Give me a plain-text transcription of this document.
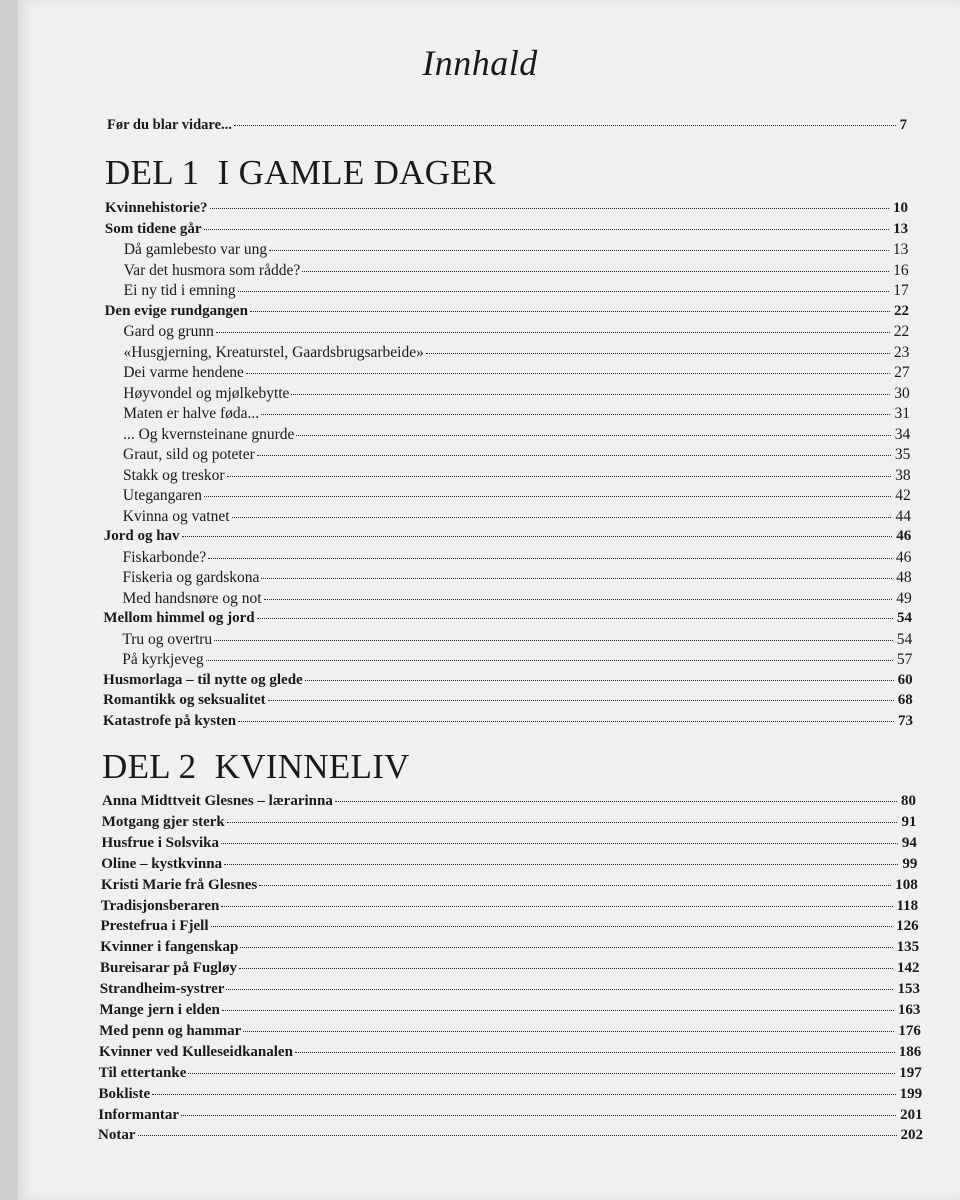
Innhald
Før du blar vidare...	7
DEL 1  I GAMLE DAGER
DEL 2  KVINNELIV
Kvinnehistorie?	10
Som tidene går	13
Då gamlebesto var ung	13
Var det husmora som rådde?	16
Ei ny tid i emning	17
Den evige rundgangen	22
Gard og grunn	22
«Husgjerning, Kreaturstel, Gaardsbrugsarbeide»	23
Dei varme hendene	27
Høyvondel og mjølkebytte	30
Maten er halve føda...	31
... Og kvernsteinane gnurde	34
Graut, sild og poteter	35
Stakk og treskor	38
Utegangaren	42
Kvinna og vatnet	44
Jord og hav	46
Fiskarbonde?	46
Fiskeria og gardskona	48
Med handsnøre og not	49
Mellom himmel og jord	54
Tru og overtru	54
På kyrkjeveg	57
Husmorlaga – til nytte og glede	60
Romantikk og seksualitet	68
Katastrofe på kysten	73
Anna Midttveit Glesnes – lærarinna	80
Motgang gjer sterk	91
Husfrue i Solsvika	94
Oline – kystkvinna	99
Kristi Marie frå Glesnes	108
Tradisjonsberaren	118
Prestefrua i Fjell	126
Kvinner i fangenskap	135
Bureisarar på Fugløy	142
Strandheim-systrer	153
Mange jern i elden	163
Med penn og hammar	176
Kvinner ved Kulleseidkanalen	186
Til ettertanke	197
Bokliste	199
Informantar	201
Notar	202
